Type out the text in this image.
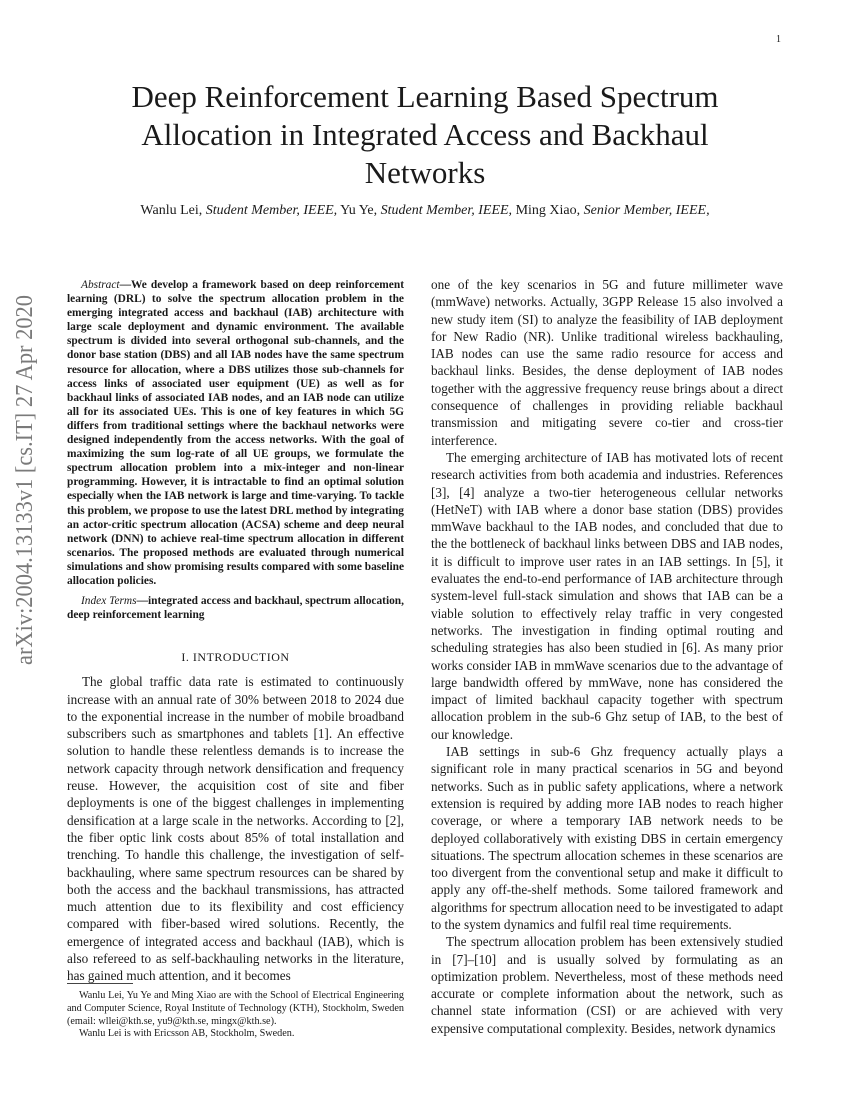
1
arXiv:2004.13133v1 [cs.IT] 27 Apr 2020
Deep Reinforcement Learning Based Spectrum Allocation in Integrated Access and Backhaul Networks
Wanlu Lei, Student Member, IEEE, Yu Ye, Student Member, IEEE, Ming Xiao, Senior Member, IEEE,

Abstract—We develop a framework based on deep reinforcement learning (DRL) to solve the spectrum allocation problem in the emerging integrated access and backhaul (IAB) architecture with large scale deployment and dynamic environment. The available spectrum is divided into several orthogonal sub-channels, and the donor base station (DBS) and all IAB nodes have the same spectrum resource for allocation, where a DBS utilizes those sub-channels for access links of associated user equipment (UE) as well as for backhaul links of associated IAB nodes, and an IAB node can utilize all for its associated UEs. This is one of key features in which 5G differs from traditional settings where the backhaul networks were designed independently from the access networks. With the goal of maximizing the sum log-rate of all UE groups, we formulate the spectrum allocation problem into a mix-integer and non-linear programming. However, it is intractable to find an optimal solution especially when the IAB network is large and time-varying. To tackle this problem, we propose to use the latest DRL method by integrating an actor-critic spectrum allocation (ACSA) scheme and deep neural network (DNN) to achieve real-time spectrum allocation in different scenarios. The proposed methods are evaluated through numerical simulations and show promising results compared with some baseline allocation policies.

Index Terms—integrated access and backhaul, spectrum allocation, deep reinforcement learning

I. INTRODUCTION

The global traffic data rate is estimated to continuously increase with an annual rate of 30% between 2018 to 2024 due to the exponential increase in the number of mobile broadband subscribers such as smartphones and tablets [1]. An effective solution to handle these relentless demands is to increase the network capacity through network densification and frequency reuse. However, the acquisition cost of site and fiber deployments is one of the biggest challenges in implementing densification at a large scale in the networks. According to [2], the fiber optic link costs about 85% of total installation and trenching. To handle this challenge, the investigation of self-backhauling, where same spectrum resources can be shared by both the access and the backhaul transmissions, has attracted much attention due to its flexibility and cost efficiency compared with fiber-based wired solutions. Recently, the emergence of integrated access and backhaul (IAB), which is also refereed to as self-backhauling networks in the literature, has gained much attention, and it becomes

Wanlu Lei, Yu Ye and Ming Xiao are with the School of Electrical Engineering and Computer Science, Royal Institute of Technology (KTH), Stockholm, Sweden (email: wllei@kth.se, yu9@kth.se, mingx@kth.se).

Wanlu Lei is with Ericsson AB, Stockholm, Sweden.

one of the key scenarios in 5G and future millimeter wave (mmWave) networks. Actually, 3GPP Release 15 also involved a new study item (SI) to analyze the feasibility of IAB deployment for New Radio (NR). Unlike traditional wireless backhauling, IAB nodes can use the same radio resource for access and backhaul links. Besides, the dense deployment of IAB nodes together with the aggressive frequency reuse brings about a direct consequence of challenges in providing reliable backhaul transmission and mitigating severe co-tier and cross-tier interference.

The emerging architecture of IAB has motivated lots of recent research activities from both academia and industries. References [3], [4] analyze a two-tier heterogeneous cellular networks (HetNeT) with IAB where a donor base station (DBS) provides mmWave backhaul to the IAB nodes, and concluded that due to the the bottleneck of backhaul links between DBS and IAB nodes, it is difficult to improve user rates in an IAB settings. In [5], it evaluates the end-to-end performance of IAB architecture through system-level full-stack simulation and shows that IAB can be a viable solution to effectively relay traffic in very congested networks. The investigation in finding optimal routing and scheduling strategies has also been studied in [6]. As many prior works consider IAB in mmWave scenarios due to the advantage of large bandwidth offered by mmWave, none has considered the impact of limited backhaul capacity together with spectrum allocation problem in the sub-6 Ghz setup of IAB, to the best of our knowledge.

IAB settings in sub-6 Ghz frequency actually plays a significant role in many practical scenarios in 5G and beyond networks. Such as in public safety applications, where a network extension is required by adding more IAB nodes to reach higher coverage, or where a temporary IAB network needs to be deployed collaboratively with existing DBS in certain emergency situations. The spectrum allocation schemes in these scenarios are too divergent from the conventional setup and make it difficult to apply any off-the-shelf methods. Some tailored framework and algorithms for spectrum allocation need to be investigated to adapt to the system dynamics and fulfil real time requirements.

The spectrum allocation problem has been extensively studied in [7]–[10] and is usually solved by formulating as an optimization problem. Nevertheless, most of these methods need accurate or complete information about the network, such as channel state information (CSI) or are achieved with very expensive computational complexity. Besides, network dynamics
